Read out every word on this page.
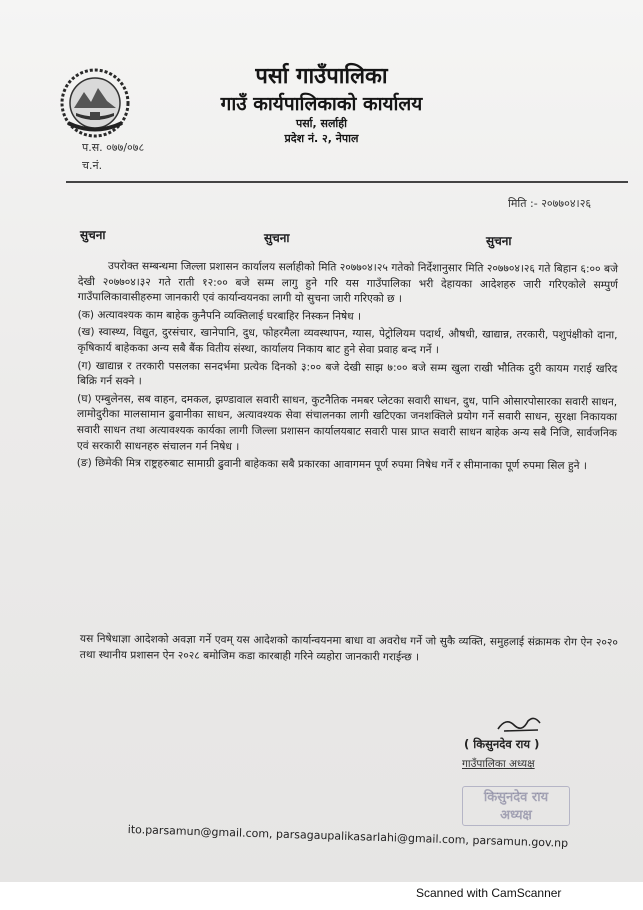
पर्सा गाउँपालिका
गाउँ कार्यपालिकाको कार्यालय
पर्सा, सर्लाही
प्रदेश नं. २, नेपाल
प.स. ०७७/०७८
च.नं.
मिति :- २०७७०४।२६
सुचना	सुचना	सुचना

उपरोक्त सम्बन्धमा जिल्ला प्रशासन कार्यालय सर्लाहीको मिति २०७७०४।२५ गतेको निर्देशानुसार मिति २०७७०४।२६ गते बिहान ६:०० बजे देखी २०७७०४।३२ गते राती १२:०० बजे सम्म लागु हुने गरि यस गाउँपालिका भरी देहायका आदेशहरु जारी गरिएकोले सम्पुर्ण गाउँपालिकावासीहरुमा जानकारी एवं कार्यान्वयनका लागी यो सुचना जारी गरिएको छ ।

(क) अत्यावश्यक काम बाहेक कुनैपनि व्यक्तिलाई घरबाहिर निस्कन निषेध ।

(ख) स्वास्थ्य, विद्युत, दुरसंचार, खानेपानि, दुध, फोहरमैला व्यवस्थापन, ग्यास, पेट्रोलियम पदार्थ, औषधी, खाद्यान्न, तरकारी, पशुपंक्षीको दाना, कृषिकार्य बाहेकका अन्य सबै बैंक वितीय संस्था, कार्यालय निकाय बाट हुने सेवा प्रवाह बन्द गर्ने ।

(ग) खाद्यान्न र तरकारी पसलका सनदर्भमा प्रत्येक दिनको ३:०० बजे देखी साझ ७:०० बजे सम्म खुला राखी भौतिक दुरी कायम गराई खरिद बिक्रि गर्न सक्ने ।

(घ) एम्बुलेनस, सब वाहन, दमकल, झण्डावाल सवारी साधन, कुटनैतिक नमबर प्लेटका सवारी साधन, दुध, पानि ओसारपोसारका सवारी साधन, लामोदुरीका मालसामान ढुवानीका साधन, अत्यावश्यक सेवा संचालनका लागी खटिएका जनशक्तिले प्रयोग गर्ने सवारी साधन, सुरक्षा निकायका सवारी साधन तथा अत्यावश्यक कार्यका लागी जिल्ला प्रशासन कार्यालयबाट सवारी पास प्राप्त सवारी साधन बाहेक अन्य सबै निजि, सार्वजनिक एवं सरकारी साधनहरु संचालन गर्न निषेध ।

(ङ) छिमेकी मित्र राष्ट्रहरुबाट सामाग्री ढुवानी बाहेकका सबै प्रकारका आवागमन पूर्ण रुपमा निषेध गर्ने र सीमानाका पूर्ण रुपमा सिल हुने ।

यस निषेधाज्ञा आदेशको अवज्ञा गर्ने एवम् यस आदेशको कार्यान्वयनमा बाधा वा अवरोध गर्ने जो सुकै व्यक्ति, समुहलाई संक्रामक रोग ऐन २०२० तथा स्थानीय प्रशासन ऐन २०२८ बमोजिम कडा कारबाही गरिने व्यहोरा जानकारी गराईन्छ ।

( किसुनदेव राय )
गाउँपालिका अध्यक्ष
किसुनदेव राय
अध्यक्ष
ito.parsamun@gmail.com, parsagaupalikasarlahi@gmail.com, parsamun.gov.np
Scanned with CamScanner
